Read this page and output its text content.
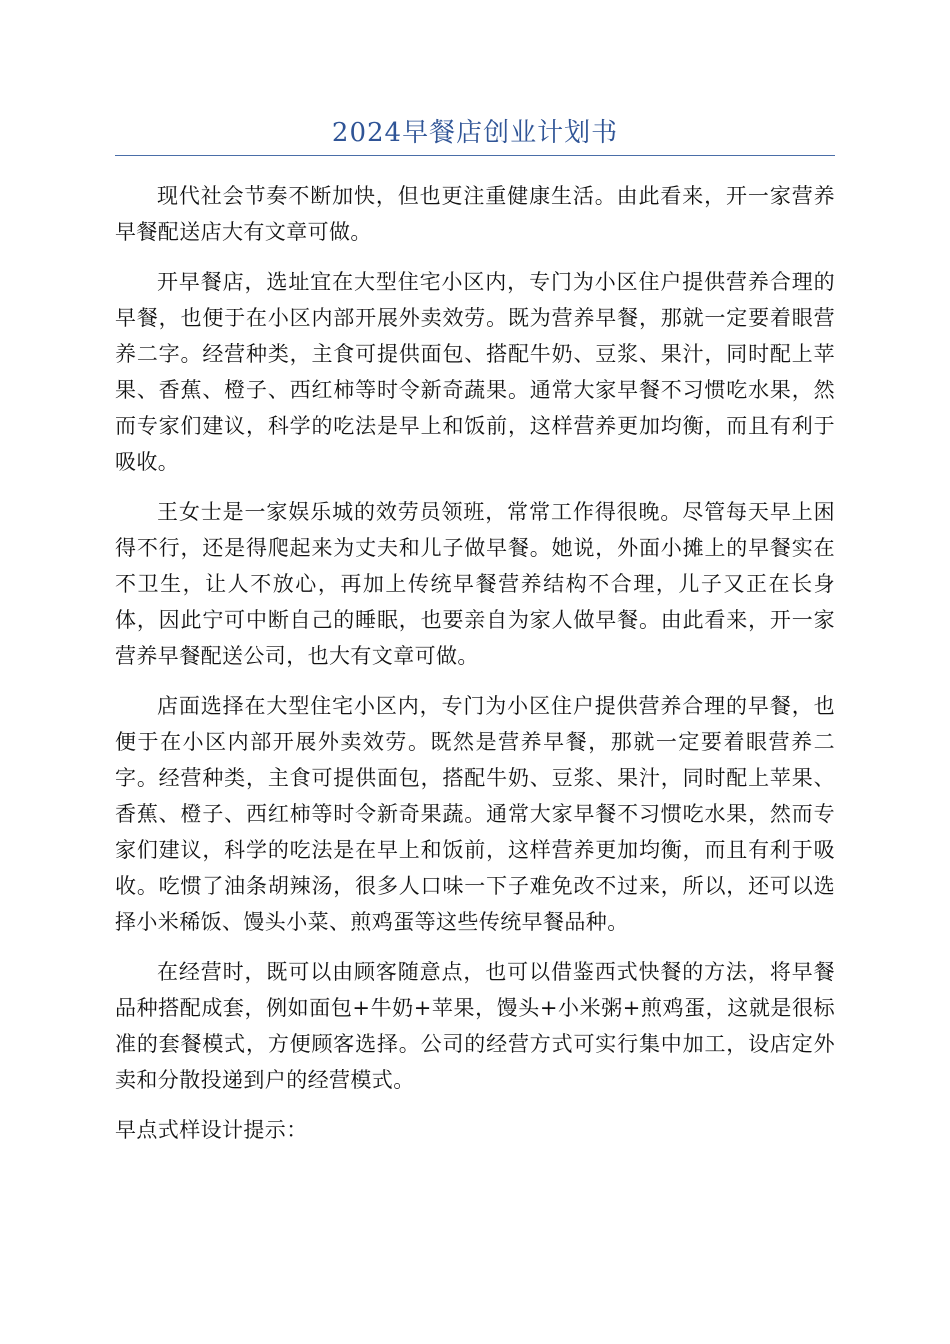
2024早餐店创业计划书

现代社会节奏不断加快，但也更注重健康生活。由此看来，开一家营养早餐配送店大有文章可做。

开早餐店，选址宜在大型住宅小区内，专门为小区住户提供营养合理的早餐，也便于在小区内部开展外卖效劳。既为营养早餐，那就一定要着眼营养二字。经营种类，主食可提供面包、搭配牛奶、豆浆、果汁，同时配上苹果、香蕉、橙子、西红柿等时令新奇蔬果。通常大家早餐不习惯吃水果，然而专家们建议，科学的吃法是早上和饭前，这样营养更加均衡，而且有利于吸收。

王女士是一家娱乐城的效劳员领班，常常工作得很晚。尽管每天早上困得不行，还是得爬起来为丈夫和儿子做早餐。她说，外面小摊上的早餐实在不卫生，让人不放心，再加上传统早餐营养结构不合理，儿子又正在长身体，因此宁可中断自己的睡眠，也要亲自为家人做早餐。由此看来，开一家营养早餐配送公司，也大有文章可做。

店面选择在大型住宅小区内，专门为小区住户提供营养合理的早餐，也便于在小区内部开展外卖效劳。既然是营养早餐，那就一定要着眼营养二字。经营种类，主食可提供面包，搭配牛奶、豆浆、果汁，同时配上苹果、香蕉、橙子、西红柿等时令新奇果蔬。通常大家早餐不习惯吃水果，然而专家们建议，科学的吃法是在早上和饭前，这样营养更加均衡，而且有利于吸收。吃惯了油条胡辣汤，很多人口味一下子难免改不过来，所以，还可以选择小米稀饭、馒头小菜、煎鸡蛋等这些传统早餐品种。

在经营时，既可以由顾客随意点，也可以借鉴西式快餐的方法，将早餐品种搭配成套，例如面包+牛奶+苹果，馒头+小米粥+煎鸡蛋，这就是很标准的套餐模式，方便顾客选择。公司的经营方式可实行集中加工，设店定外卖和分散投递到户的经营模式。

早点式样设计提示：
